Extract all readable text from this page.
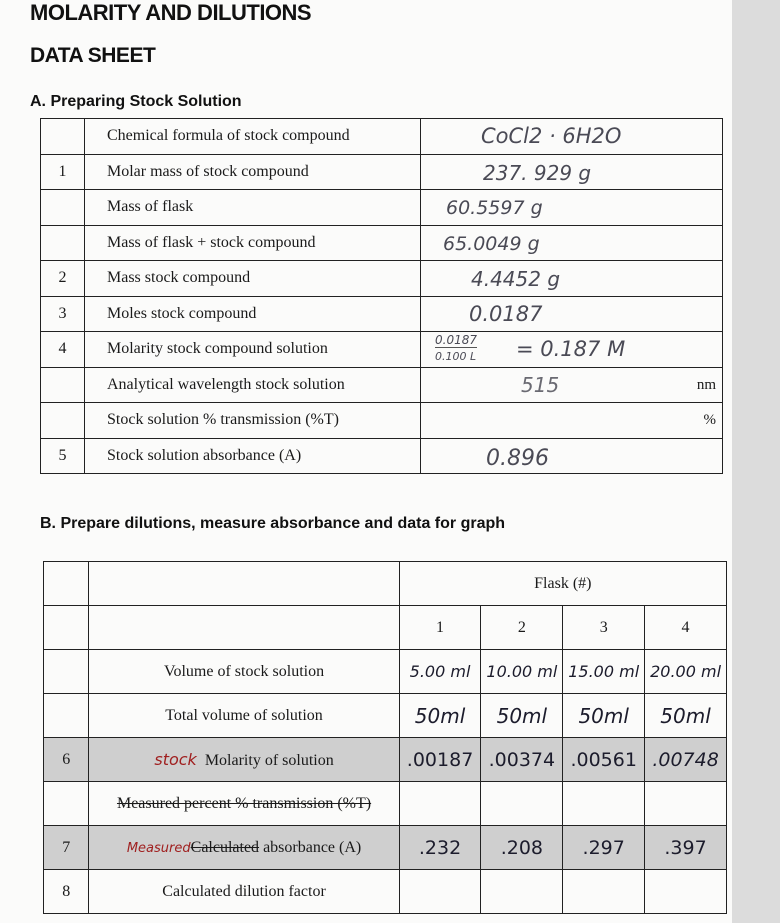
MOLARITY AND DILUTIONS
DATA SHEET
A. Preparing Stock Solution
	Chemical formula of stock compound	CoCl2 · 6H2O

1	Molar mass of stock compound	237. 929 g

	Mass of flask	60.5597 g

	Mass of flask + stock compound	65.0049 g

2	Mass stock compound	4.4452 g

3	Moles stock compound	0.0187

4	Molarity stock compound solution	0.0187
0.100 L = 0.187 M

	Analytical wavelength stock solution	515 nm

	Stock solution % transmission (%T)	%

5	Stock solution absorbance (A)	0.896
B. Prepare dilutions, measure absorbance and data for graph
		Flask (#)			
		1	2	3	4
	Volume of stock solution	5.00 ml	10.00 ml	15.00 ml	20.00 ml
	Total volume of solution	50ml	50ml	50ml	50ml
6	stock Molarity of solution	.00187	.00374	.00561	.00748
	Measured percent % transmission (%T)				
7	MeasuredCalculated absorbance (A)	.232	.208	.297	.397
8	Calculated dilution factor				
